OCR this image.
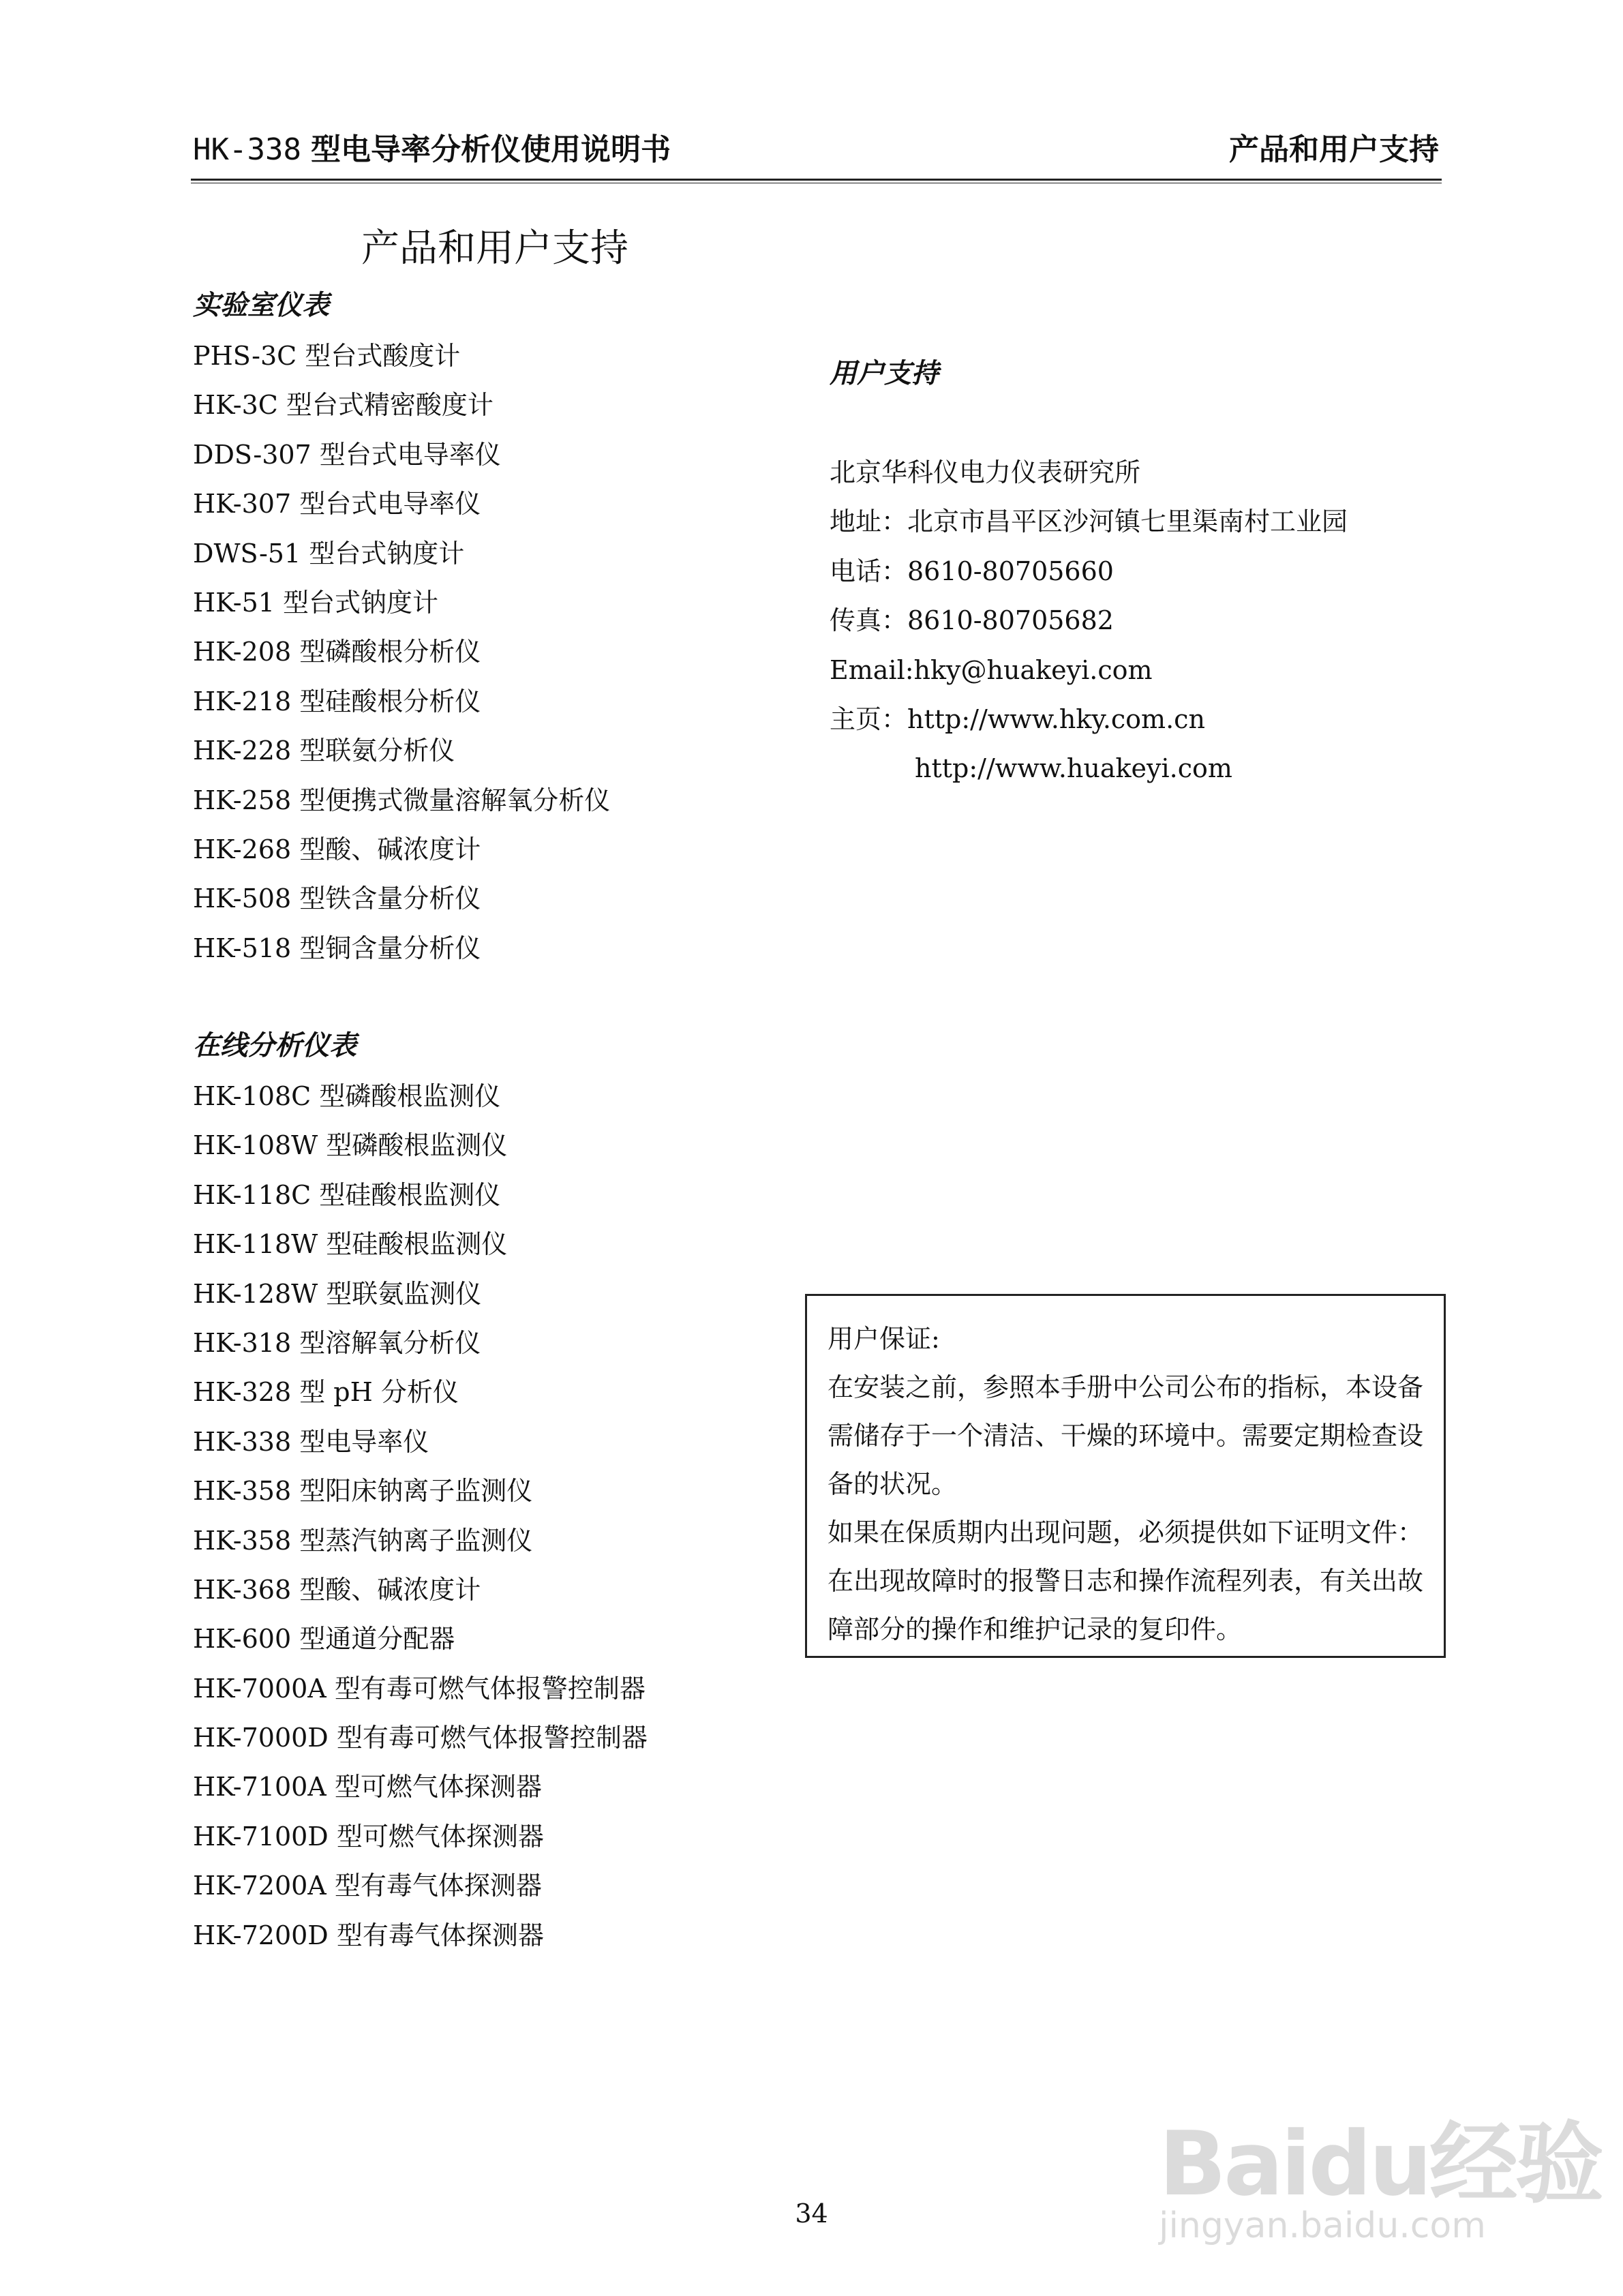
HK-338 型电导率分析仪使用说明书	产品和用户支持
产品和用户支持
实验室仪表
PHS-3C 型台式酸度计
HK-3C 型台式精密酸度计
DDS-307 型台式电导率仪
HK-307 型台式电导率仪
DWS-51 型台式钠度计
HK-51 型台式钠度计
HK-208 型磷酸根分析仪
HK-218 型硅酸根分析仪
HK-228 型联氨分析仪
HK-258 型便携式微量溶解氧分析仪
HK-268 型酸、碱浓度计
HK-508 型铁含量分析仪
HK-518 型铜含量分析仪
在线分析仪表
HK-108C 型磷酸根监测仪
HK-108W 型磷酸根监测仪
HK-118C 型硅酸根监测仪
HK-118W 型硅酸根监测仪
HK-128W 型联氨监测仪
HK-318 型溶解氧分析仪
HK-328 型 pH 分析仪
HK-338 型电导率仪
HK-358 型阳床钠离子监测仪
HK-358 型蒸汽钠离子监测仪
HK-368 型酸、碱浓度计
HK-600 型通道分配器
HK-7000A 型有毒可燃气体报警控制器
HK-7000D 型有毒可燃气体报警控制器
HK-7100A 型可燃气体探测器
HK-7100D 型可燃气体探测器
HK-7200A 型有毒气体探测器
HK-7200D 型有毒气体探测器
用户支持
北京华科仪电力仪表研究所
地址：北京市昌平区沙河镇七里渠南村工业园
电话：8610-80705660
传真：8610-80705682
Email:hky@huakeyi.com
主页：http://www.hky.com.cn
http://www.huakeyi.com

用户保证:

在安装之前，参照本手册中公司公布的指标，本设备需储存于一个清洁、干燥的环境中。需要定期检查设备的状况。

如果在保质期内出现问题，必须提供如下证明文件：在出现故障时的报警日志和操作流程列表，有关出故障部分的操作和维护记录的复印件。

34	Baidu经验
jingyan.baidu.com
